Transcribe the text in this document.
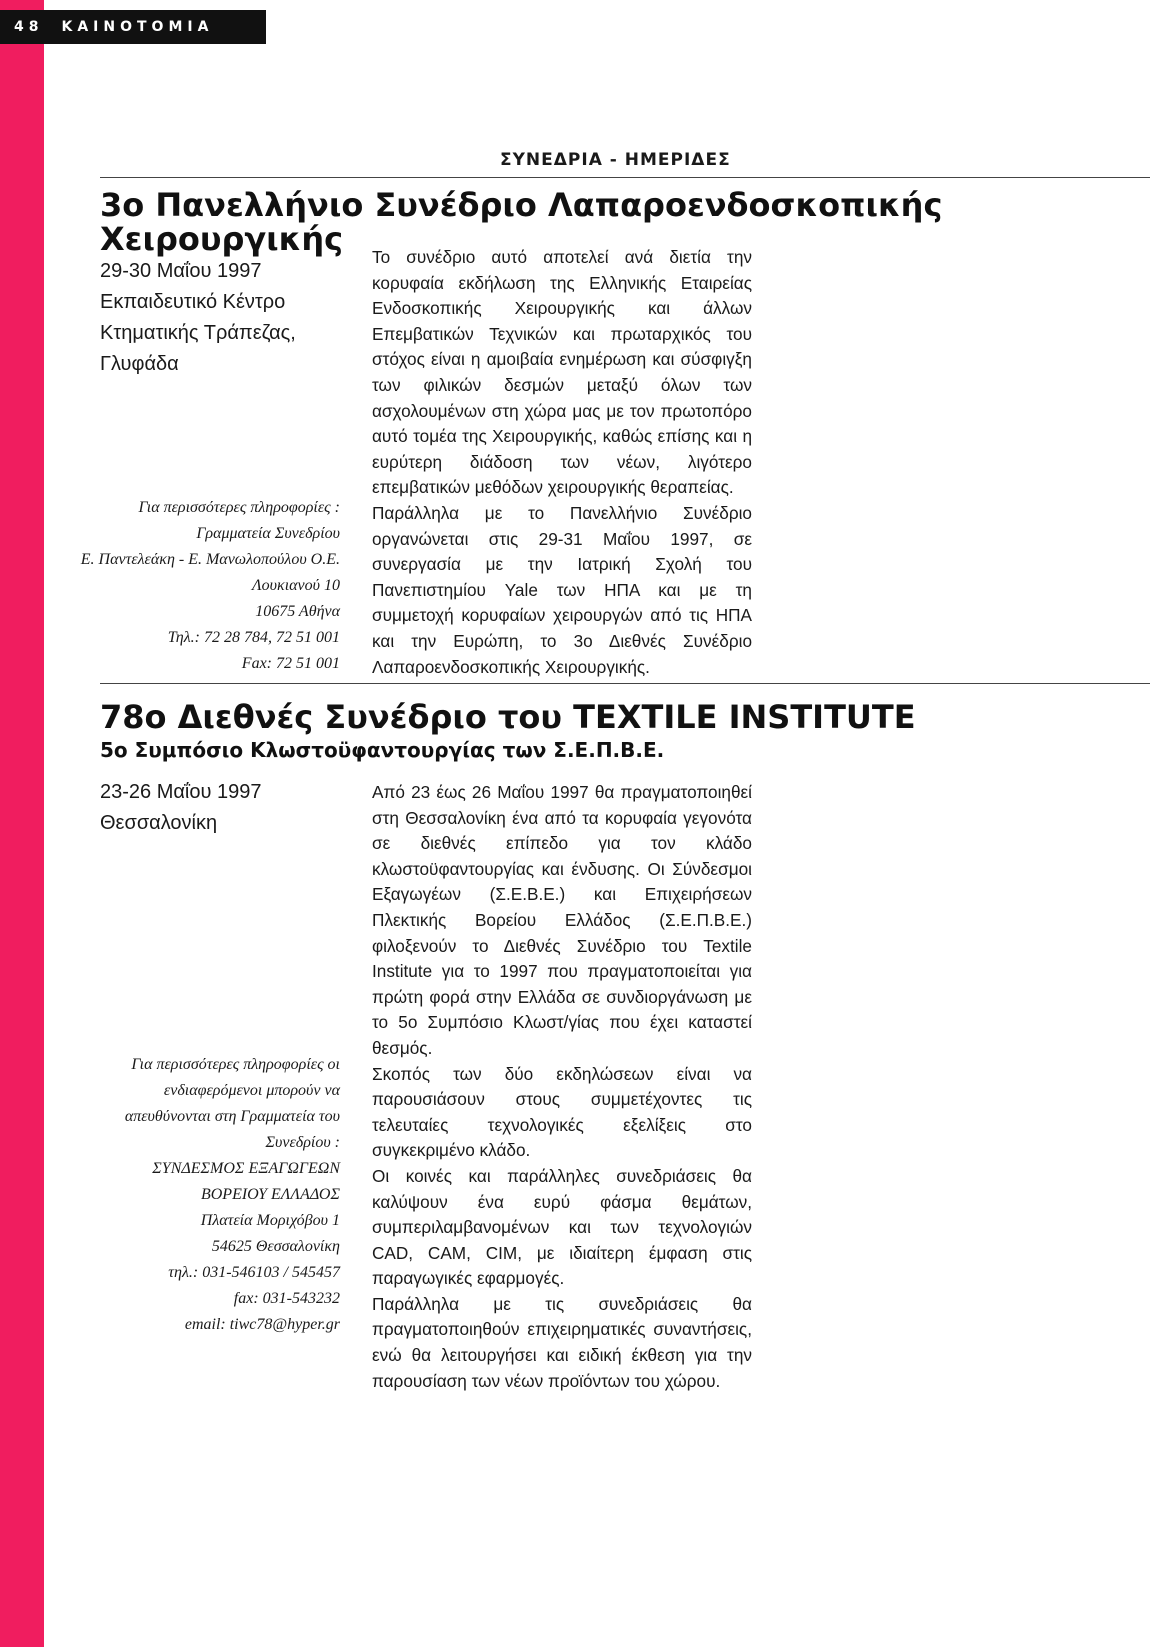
48 ΚΑΙΝΟΤΟΜΙΑ
ΣΥΝΕΔΡΙΑ - ΗΜΕΡΙΔΕΣ
3ο Πανελλήνιο Συνέδριο Λαπαροενδοσκοπικής Χειρουργικής
29-30 Μαΐου 1997
Εκπαιδευτικό Κέντρο
Κτηματικής Τράπεζας,
Γλυφάδα
Για περισσότερες πληροφορίες :
Γραμματεία Συνεδρίου
Ε. Παντελεάκη - Ε. Μανωλοπούλου Ο.Ε.
Λουκιανού 10
10675 Αθήνα
Τηλ.: 72 28 784, 72 51 001
Fax: 72 51 001

Το συνέδριο αυτό αποτελεί ανά διετία την κορυφαία εκδήλωση της Ελληνικής Εταιρείας Ενδοσκοπικής Χειρουργικής και άλλων Επεμβατικών Τεχνικών και πρωταρχικός του στόχος είναι η αμοιβαία ενημέρωση και σύσφιγξη των φιλικών δεσμών μεταξύ όλων των ασχολουμένων στη χώρα μας με τον πρωτοπόρο αυτό τομέα της Χειρουργικής, καθώς επίσης και η ευρύτερη διάδοση των νέων, λιγότερο επεμβατικών μεθόδων χειρουργικής θεραπείας.

Παράλληλα με το Πανελλήνιο Συνέδριο οργανώνεται στις 29-31 Μαΐου 1997, σε συνεργασία με την Ιατρική Σχολή του Πανεπιστημίου Yale των ΗΠΑ και με τη συμμετοχή κορυφαίων χειρουργών από τις ΗΠΑ και την Ευρώπη, το 3ο Διεθνές Συνέδριο Λαπαροενδοσκοπικής Χειρουργικής.

78ο Διεθνές Συνέδριο του TEXTILE INSTITUTE
5ο Συμπόσιο Κλωστοϋφαντουργίας των Σ.Ε.Π.Β.Ε.
23-26 Μαΐου 1997
Θεσσαλονίκη
Για περισσότερες πληροφορίες οι
ενδιαφερόμενοι μπορούν να
απευθύνονται στη Γραμματεία του
Συνεδρίου :
ΣΥΝΔΕΣΜΟΣ ΕΞΑΓΩΓΕΩΝ
ΒΟΡΕΙΟΥ ΕΛΛΑΔΟΣ
Πλατεία Μοριχόβου 1
54625 Θεσσαλονίκη
τηλ.: 031-546103 / 545457
fax: 031-543232
email: tiwc78@hyper.gr

Από 23 έως 26 Μαΐου 1997 θα πραγματοποιηθεί στη Θεσσαλονίκη ένα από τα κορυφαία γεγονότα σε διεθνές επίπεδο για τον κλάδο κλωστοϋφαντουργίας και ένδυσης. Οι Σύνδεσμοι Εξαγωγέων (Σ.Ε.Β.Ε.) και Επιχειρήσεων Πλεκτικής Βορείου Ελλάδος (Σ.Ε.Π.Β.Ε.) φιλοξενούν το Διεθνές Συνέδριο του Textile Institute για το 1997 που πραγματοποιείται για πρώτη φορά στην Ελλάδα σε συνδιοργάνωση με το 5ο Συμπόσιο Κλωστ/γίας που έχει καταστεί θεσμός.

Σκοπός των δύο εκδηλώσεων είναι να παρουσιάσουν στους συμμετέχοντες τις τελευταίες τεχνολογικές εξελίξεις στο συγκεκριμένο κλάδο.

Οι κοινές και παράλληλες συνεδριάσεις θα καλύψουν ένα ευρύ φάσμα θεμάτων, συμπεριλαμβανομένων και των τεχνολογιών CAD, CAM, CIM, με ιδιαίτερη έμφαση στις παραγωγικές εφαρμογές.

Παράλληλα με τις συνεδριάσεις θα πραγματοποιηθούν επιχειρηματικές συναντήσεις, ενώ θα λειτουργήσει και ειδική έκθεση για την παρουσίαση των νέων προϊόντων του χώρου.
